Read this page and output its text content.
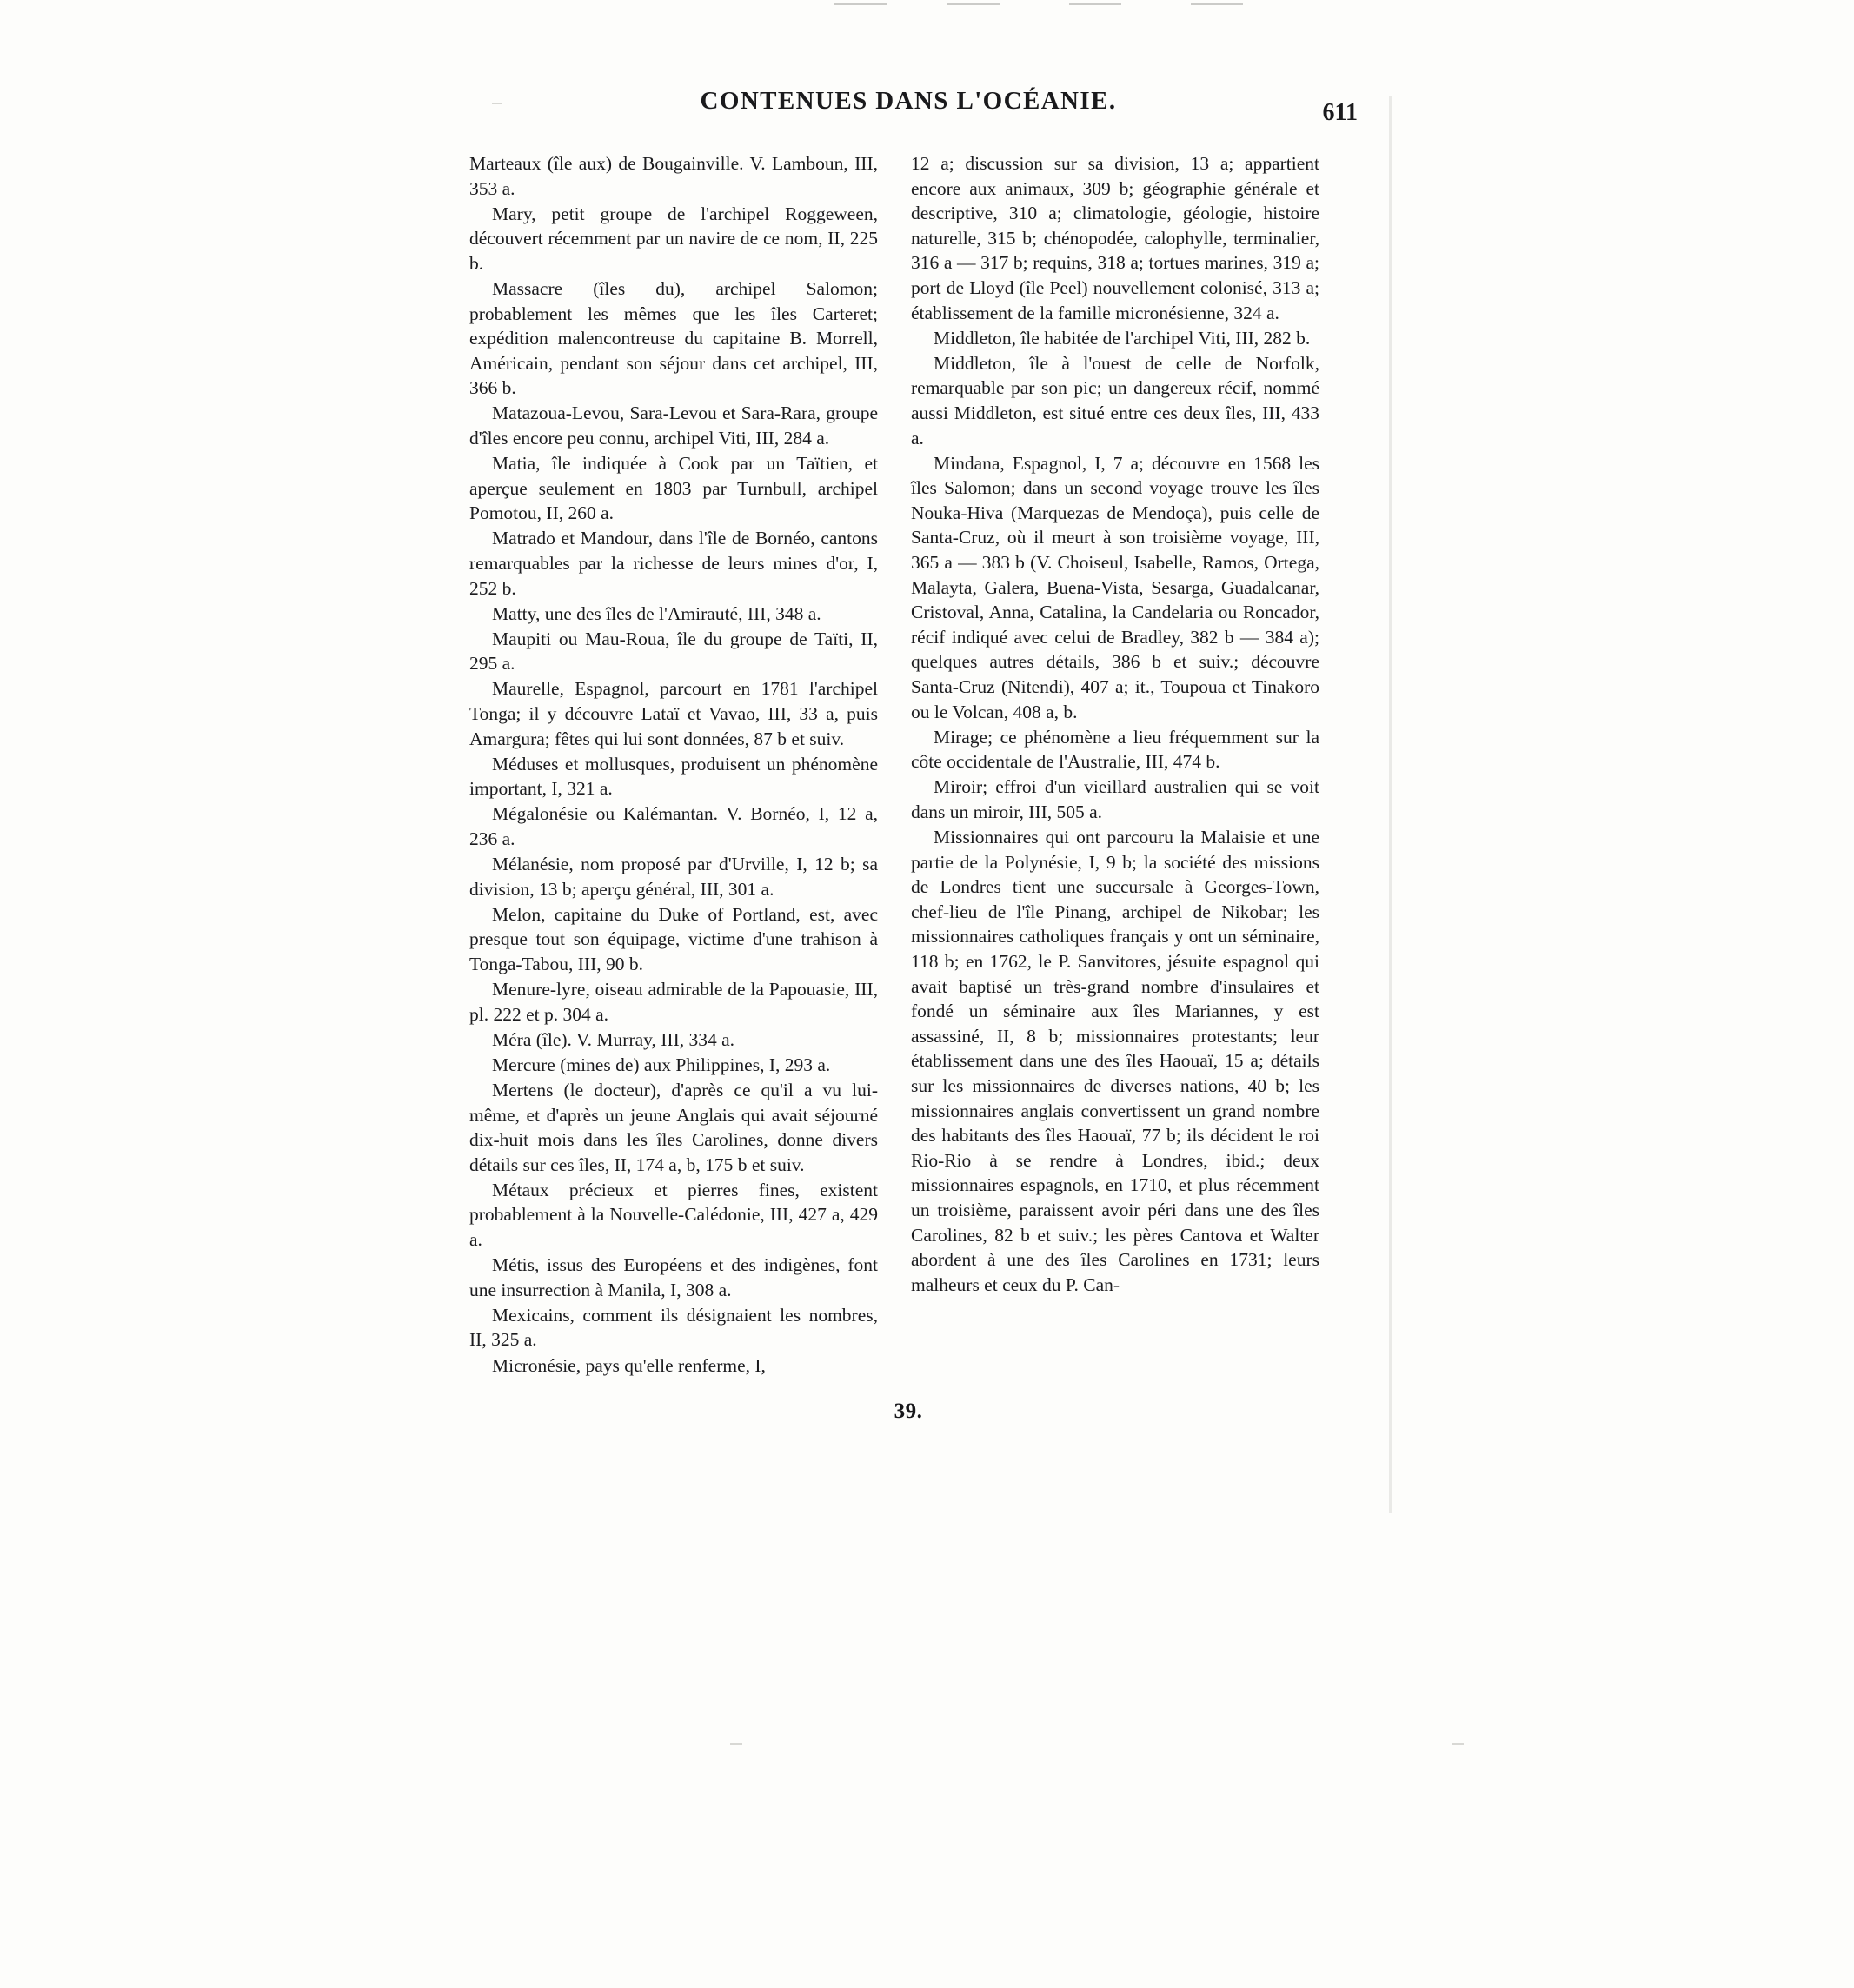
CONTENUES DANS L'OCÉANIE.	611

Marteaux (île aux) de Bougainville. V. Lamboun, III, 353 a.

Mary, petit groupe de l'archipel Roggeween, découvert récemment par un navire de ce nom, II, 225 b.

Massacre (îles du), archipel Salomon; probablement les mêmes que les îles Carteret; expédition malencontreuse du capitaine B. Morrell, Américain, pendant son séjour dans cet archipel, III, 366 b.

Matazoua-Levou, Sara-Levou et Sara-Rara, groupe d'îles encore peu connu, archipel Viti, III, 284 a.

Matia, île indiquée à Cook par un Taïtien, et aperçue seulement en 1803 par Turnbull, archipel Pomotou, II, 260 a.

Matrado et Mandour, dans l'île de Bornéo, cantons remarquables par la richesse de leurs mines d'or, I, 252 b.

Matty, une des îles de l'Amirauté, III, 348 a.

Maupiti ou Mau-Roua, île du groupe de Taïti, II, 295 a.

Maurelle, Espagnol, parcourt en 1781 l'archipel Tonga; il y découvre Lataï et Vavao, III, 33 a, puis Amargura; fêtes qui lui sont données, 87 b et suiv.

Méduses et mollusques, produisent un phénomène important, I, 321 a.

Mégalonésie ou Kalémantan. V. Bornéo, I, 12 a, 236 a.

Mélanésie, nom proposé par d'Urville, I, 12 b; sa division, 13 b; aperçu général, III, 301 a.

Melon, capitaine du Duke of Portland, est, avec presque tout son équipage, victime d'une trahison à Tonga-Tabou, III, 90 b.

Menure-lyre, oiseau admirable de la Papouasie, III, pl. 222 et p. 304 a.

Méra (île). V. Murray, III, 334 a.

Mercure (mines de) aux Philippines, I, 293 a.

Mertens (le docteur), d'après ce qu'il a vu lui-même, et d'après un jeune Anglais qui avait séjourné dix-huit mois dans les îles Carolines, donne divers détails sur ces îles, II, 174 a, b, 175 b et suiv.

Métaux précieux et pierres fines, existent probablement à la Nouvelle-Calédonie, III, 427 a, 429 a.

Métis, issus des Européens et des indigènes, font une insurrection à Manila, I, 308 a.

Mexicains, comment ils désignaient les nombres, II, 325 a.

Micronésie, pays qu'elle renferme, I,

12 a; discussion sur sa division, 13 a; appartient encore aux animaux, 309 b; géographie générale et descriptive, 310 a; climatologie, géologie, histoire naturelle, 315 b; chénopodée, calophylle, terminalier, 316 a — 317 b; requins, 318 a; tortues marines, 319 a; port de Lloyd (île Peel) nouvellement colonisé, 313 a; établissement de la famille micronésienne, 324 a.

Middleton, île habitée de l'archipel Viti, III, 282 b.

Middleton, île à l'ouest de celle de Norfolk, remarquable par son pic; un dangereux récif, nommé aussi Middleton, est situé entre ces deux îles, III, 433 a.

Mindana, Espagnol, I, 7 a; découvre en 1568 les îles Salomon; dans un second voyage trouve les îles Nouka-Hiva (Marquezas de Mendoça), puis celle de Santa-Cruz, où il meurt à son troisième voyage, III, 365 a — 383 b (V. Choiseul, Isabelle, Ramos, Ortega, Malayta, Galera, Buena-Vista, Sesarga, Guadalcanar, Cristoval, Anna, Catalina, la Candelaria ou Roncador, récif indiqué avec celui de Bradley, 382 b — 384 a); quelques autres détails, 386 b et suiv.; découvre Santa-Cruz (Nitendi), 407 a; it., Toupoua et Tinakoro ou le Volcan, 408 a, b.

Mirage; ce phénomène a lieu fréquemment sur la côte occidentale de l'Australie, III, 474 b.

Miroir; effroi d'un vieillard australien qui se voit dans un miroir, III, 505 a.

Missionnaires qui ont parcouru la Malaisie et une partie de la Polynésie, I, 9 b; la société des missions de Londres tient une succursale à Georges-Town, chef-lieu de l'île Pinang, archipel de Nikobar; les missionnaires catholiques français y ont un séminaire, 118 b; en 1762, le P. Sanvitores, jésuite espagnol qui avait baptisé un très-grand nombre d'insulaires et fondé un séminaire aux îles Mariannes, y est assassiné, II, 8 b; missionnaires protestants; leur établissement dans une des îles Haouaï, 15 a; détails sur les missionnaires de diverses nations, 40 b; les missionnaires anglais convertissent un grand nombre des habitants des îles Haouaï, 77 b; ils décident le roi Rio-Rio à se rendre à Londres, ibid.; deux missionnaires espagnols, en 1710, et plus récemment un troisième, paraissent avoir péri dans une des îles Carolines, 82 b et suiv.; les pères Cantova et Walter abordent à une des îles Carolines en 1731; leurs malheurs et ceux du P. Can-

39.
